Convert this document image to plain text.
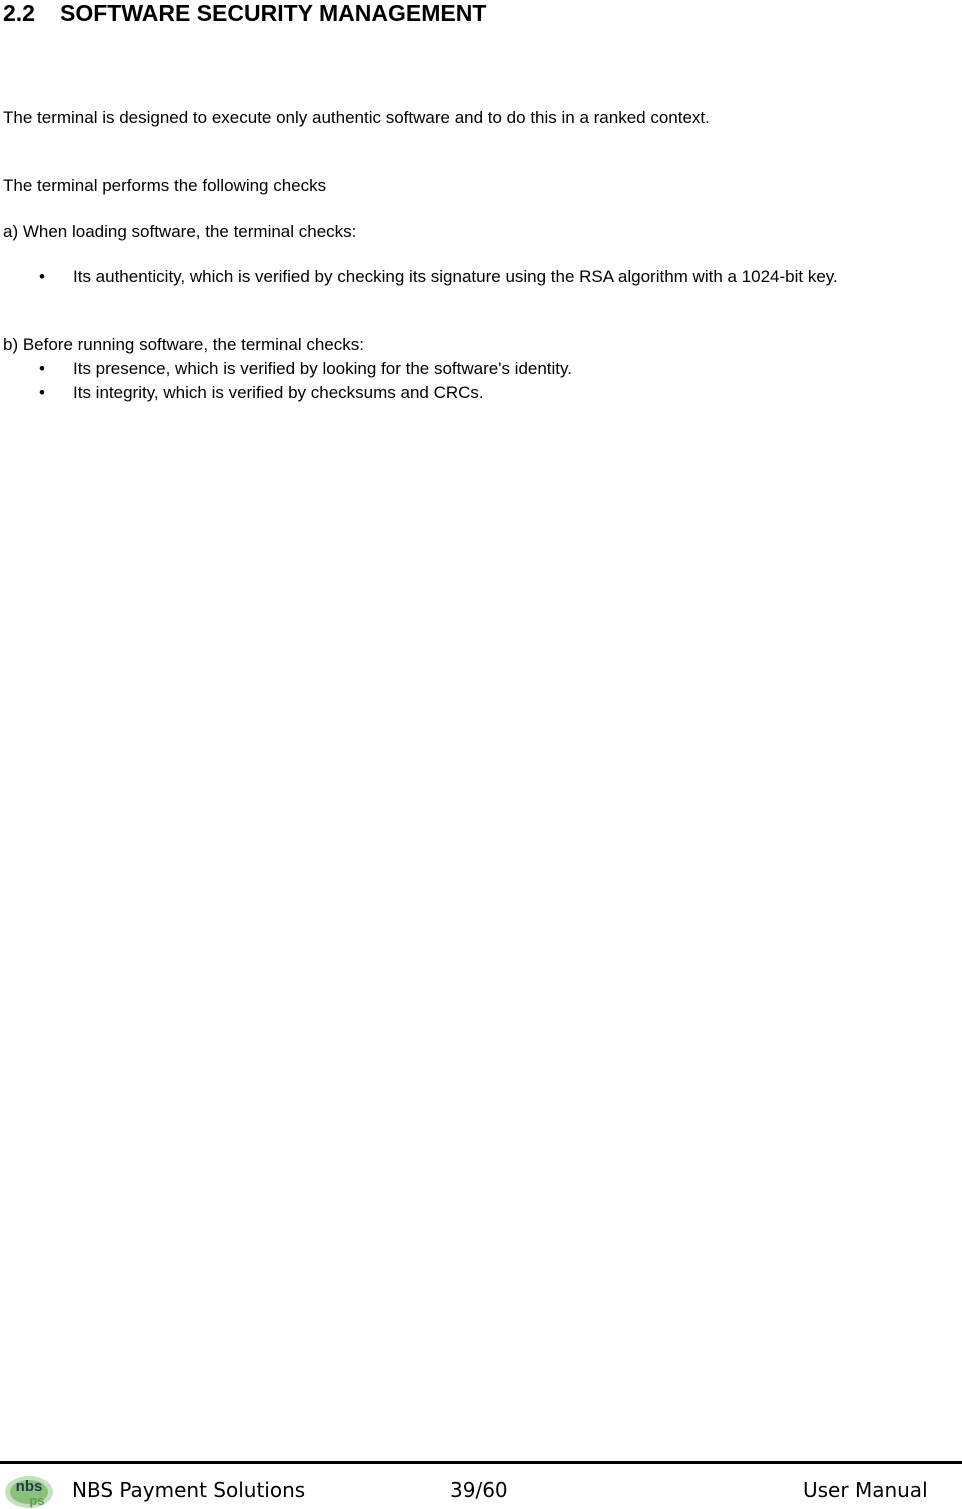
2.2 SOFTWARE SECURITY MANAGEMENT

The terminal is designed to execute only authentic software and to do this in a ranked context.

The terminal performs the following checks

a) When loading software, the terminal checks:

• Its authenticity, which is verified by checking its signature using the RSA algorithm with a 1024-bit key.

b) Before running software, the terminal checks:

• Its presence, which is verified by looking for the software's identity.
• Its integrity, which is verified by checksums and CRCs.
nbs
ps NBS Payment Solutions	39/60	User Manual
